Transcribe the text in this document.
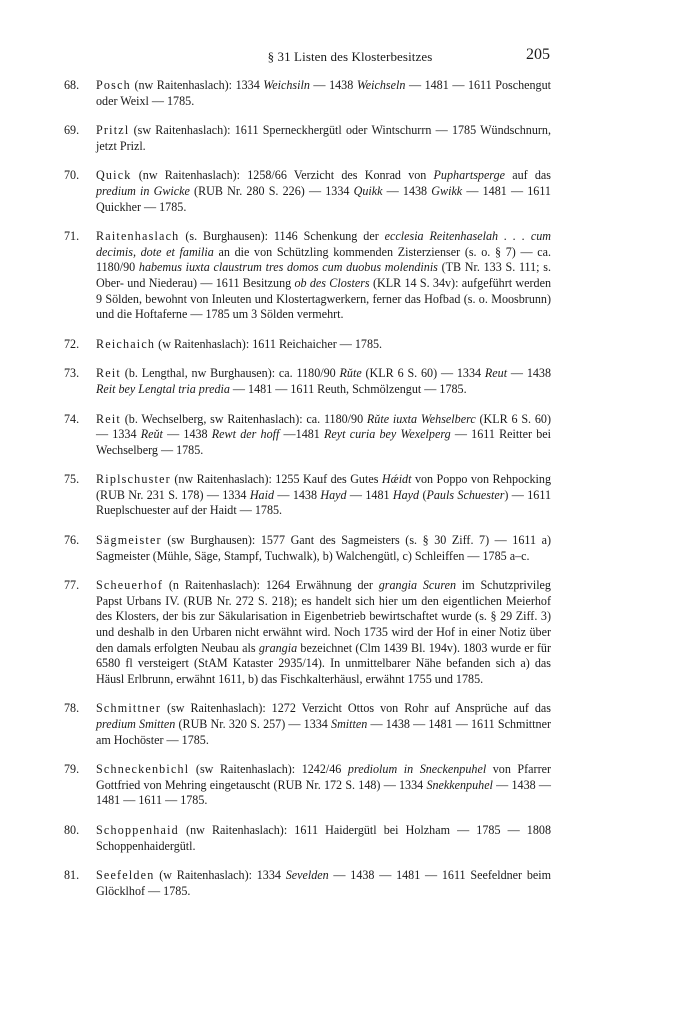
§ 31 Listen des Klosterbesitzes	205

68. Posch (nw Raitenhaslach): 1334 Weichsiln — 1438 Weichseln — 1481 — 1611 Poschengut oder Weixl — 1785.

69. Pritzl (sw Raitenhaslach): 1611 Sperneckhergütl oder Wintschurrn — 1785 Wündschnurn, jetzt Prizl.

70. Quick (nw Raitenhaslach): 1258/66 Verzicht des Konrad von Puphartsperge auf das predium in Gwicke (RUB Nr. 280 S. 226) — 1334 Quikk — 1438 Gwikk — 1481 — 1611 Quickher — 1785.

71. Raitenhaslach (s. Burghausen): 1146 Schenkung der ecclesia Reitenhaselah . . . cum decimis, dote et familia an die von Schützling kommenden Zisterzienser (s. o. § 7) — ca. 1180/90 habemus iuxta claustrum tres domos cum duobus molendinis (TB Nr. 133 S. 111; s. Ober- und Niederau) — 1611 Besitzung ob des Closters (KLR 14 S. 34v): aufgeführt werden 9 Sölden, bewohnt von Inleuten und Klostertagwerkern, ferner das Hofbad (s. o. Moosbrunn) und die Hoftaferne — 1785 um 3 Sölden vermehrt.

72. Reichaich (w Raitenhaslach): 1611 Reichaicher — 1785.

73. Reit (b. Lengthal, nw Burghausen): ca. 1180/90 Rǔte (KLR 6 S. 60) — 1334 Reut — 1438 Reit bey Lengtal tria predia — 1481 — 1611 Reuth, Schmölzengut — 1785.

74. Reit (b. Wechselberg, sw Raitenhaslach): ca. 1180/90 Rǔte iuxta Wehselberc (KLR 6 S. 60) — 1334 Reǔt — 1438 Rewt der hoff —1481 Reyt curia bey Wexelperg — 1611 Reitter bei Wechselberg — 1785.

75. Riplschuster (nw Raitenhaslach): 1255 Kauf des Gutes Hǽidt von Poppo von Rehpocking (RUB Nr. 231 S. 178) — 1334 Haid — 1438 Hayd — 1481 Hayd (Pauls Schuester) — 1611 Rueplschuester auf der Haidt — 1785.

76. Sägmeister (sw Burghausen): 1577 Gant des Sagmeisters (s. § 30 Ziff. 7) — 1611 a) Sagmeister (Mühle, Säge, Stampf, Tuchwalk), b) Walchengütl, c) Schleiffen — 1785 a–c.

77. Scheuerhof (n Raitenhaslach): 1264 Erwähnung der grangia Scuren im Schutzprivileg Papst Urbans IV. (RUB Nr. 272 S. 218); es handelt sich hier um den eigentlichen Meierhof des Klosters, der bis zur Säkularisation in Eigenbetrieb bewirtschaftet wurde (s. § 29 Ziff. 3) und deshalb in den Urbaren nicht erwähnt wird. Noch 1735 wird der Hof in einer Notiz über den damals erfolgten Neubau als grangia bezeichnet (Clm 1439 Bl. 194v). 1803 wurde er für 6580 fl versteigert (StAM Kataster 2935/14). In unmittelbarer Nähe befanden sich a) das Häusl Erlbrunn, erwähnt 1611, b) das Fischkalterhäusl, erwähnt 1755 und 1785.

78. Schmittner (sw Raitenhaslach): 1272 Verzicht Ottos von Rohr auf Ansprüche auf das predium Smitten (RUB Nr. 320 S. 257) — 1334 Smitten — 1438 — 1481 — 1611 Schmittner am Hochöster — 1785.

79. Schneckenbichl (sw Raitenhaslach): 1242/46 prediolum in Sneckenpuhel von Pfarrer Gottfried von Mehring eingetauscht (RUB Nr. 172 S. 148) — 1334 Snekkenpuhel — 1438 — 1481 — 1611 — 1785.

80. Schoppenhaid (nw Raitenhaslach): 1611 Haidergütl bei Holzham — 1785 — 1808 Schoppenhaidergütl.

81. Seefelden (w Raitenhaslach): 1334 Sevelden — 1438 — 1481 — 1611 Seefeldner beim Glöcklhof — 1785.
